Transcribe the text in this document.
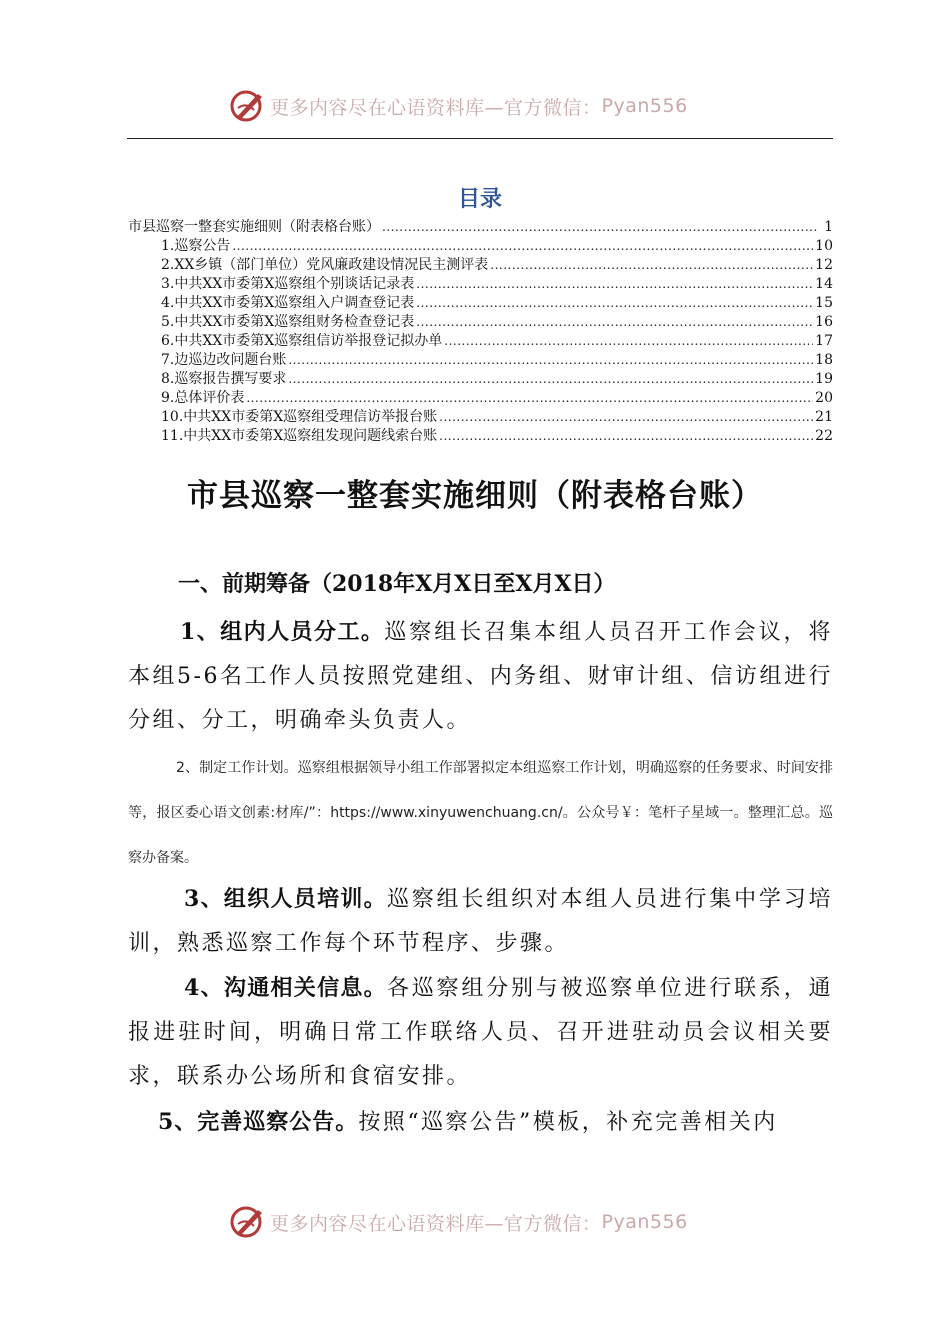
更多内容尽在心语资料库—官方微信： Pyan556
目录
市县巡察一整套实施细则（附表格台账） .....	1
1.巡察公告 .....	10
2.XX乡镇（部门单位）党风廉政建设情况民主测评表 .....	12
3.中共XX市委第X巡察组个别谈话记录表 .....	14
4.中共XX市委第X巡察组入户调查登记表 .....	15
5.中共XX市委第X巡察组财务检查登记表 .....	16
6.中共XX市委第X巡察组信访举报登记拟办单 .....	17
7.边巡边改问题台账 .....	18
8.巡察报告撰写要求 .....	19
9.总体评价表 .....	20
10.中共XX市委第X巡察组受理信访举报台账 .....	21
11.中共XX市委第X巡察组发现问题线索台账 .....	22
市县巡察一整套实施细则（附表格台账）
一、前期筹备（2018年X月X日至X月X日）
1、组内人员分工。巡察组长召集本组人员召开工作会议，将本组5-6名工作人员按照党建组、内务组、财审计组、信访组进行分组、分工，明确牵头负责人。
2、制定工作计划。巡察组根据领导小组工作部署拟定本组巡察工作计划，明确巡察的任务要求、时间安排等，报区委心语文创素:材库/”：https://www.xinyuwenchuang.cn/。公众号￥：笔杆子星域一。整理汇总。巡察办备案。
3、组织人员培训。巡察组长组织对本组人员进行集中学习培训，熟悉巡察工作每个环节程序、步骤。
4、沟通相关信息。各巡察组分别与被巡察单位进行联系，通报进驻时间，明确日常工作联络人员、召开进驻动员会议相关要求，联系办公场所和食宿安排。
5、完善巡察公告。按照“巡察公告”模板，补充完善相关内
更多内容尽在心语资料库—官方微信： Pyan556
